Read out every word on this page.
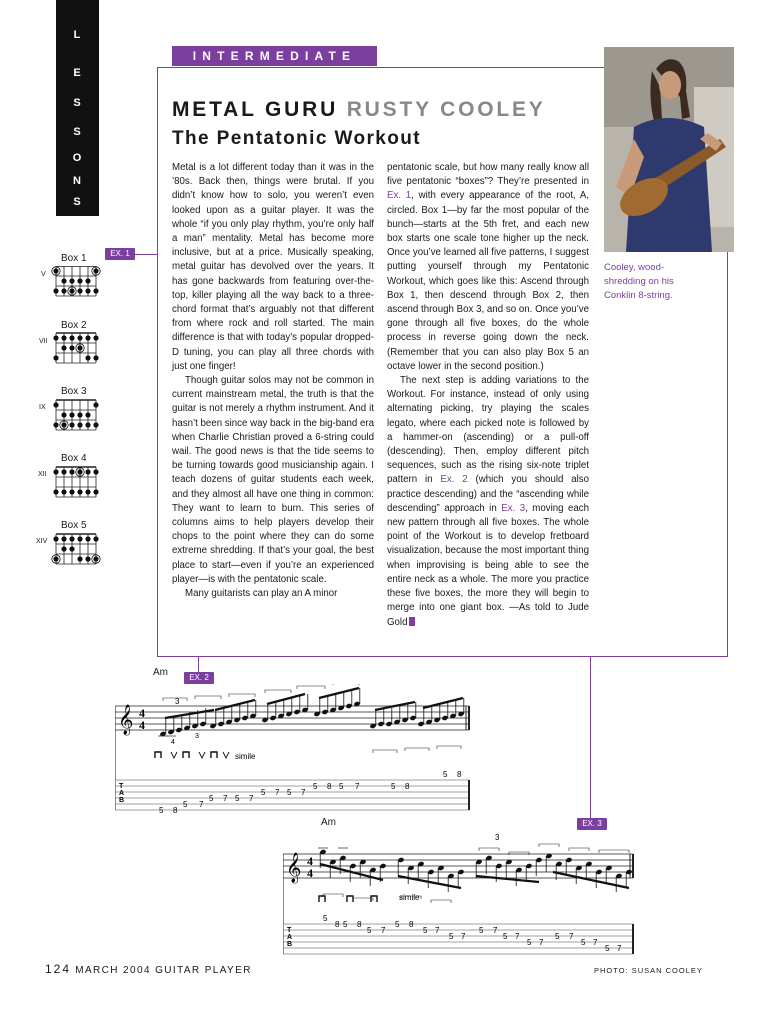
L
E
S
S
O
N
S
INTERMEDIATE
METAL GURU RUSTY COOLEY
The Pentatonic Workout

Metal is a lot different today than it was in the ’80s. Back then, things were brutal. If you didn’t know how to solo, you weren’t even looked upon as a guitar player. It was the whole “if you only play rhythm, you’re only half a man” mentality. Metal has become more inclusive, but at a price. Musically speaking, metal guitar has devolved over the years. It has gone backwards from featuring over-the-top, killer playing all the way back to a three-chord format that’s arguably not that different from where rock and roll started. The main difference is that with today’s popular dropped-D tuning, you can play all three chords with just one finger!

Though guitar solos may not be common in current mainstream metal, the truth is that the guitar is not merely a rhythm instrument. And it hasn’t been since way back in the big-band era when Charlie Christian proved a 6-string could wail. The good news is that the tide seems to be turning towards good musicianship again. I teach dozens of guitar students each week, and they almost all have one thing in common: They want to learn to burn. This series of columns aims to help players develop their chops to the point where they can do some extreme shredding. If that’s your goal, the best place to start—even if you’re an experienced player—is with the pentatonic scale.

Many guitarists can play an A minor

pentatonic scale, but how many really know all five pentatonic “boxes”? They’re presented in Ex. 1, with every appearance of the root, A, circled. Box 1—by far the most popular of the bunch—starts at the 5th fret, and each new box starts one scale tone higher up the neck. Once you’ve learned all five patterns, I suggest putting yourself through my Pentatonic Workout, which goes like this: Ascend through Box 1, then descend through Box 2, then ascend through Box 3, and so on. Once you’ve gone through all five boxes, do the whole process in reverse going down the neck. (Remember that you can also play Box 5 an octave lower in the second position.)

The next step is adding variations to the Workout. For instance, instead of only using alternating picking, try playing the scales legato, where each picked note is followed by a hammer-on (ascending) or a pull-off (descending). Then, employ different pitch sequences, such as the rising six-note triplet pattern in Ex. 2 (which you should also practice descending) and the “ascending while descending” approach in Ex. 3, moving each new pattern through all five boxes. The whole point of the Workout is to develop fretboard visualization, because the most important thing when improvising is being able to see the entire neck as a whole. The more you practice these five boxes, the more they will begin to merge into one giant box. —As told to Jude Gold

Cooley, wood-shredding on his Conklin 8-string.
EX. 1
Box 1
V
Box 2
VII
Box 3
IX
Box 4
XII
Box 5
XIV
Am	EX. 2
3
4
3
simile
𝄞 4
4
T
A
B
5 8
5 7
5 7 5 7
5 7 5 7
5 8 5 7	5 8
5 8
Am	EX. 3
3
simile
𝄞 4
4
T
A
B
5
8 5 8
5 7
5 8
5 7
5 7
5 7
5 7
5 7
5 7
5 7
5 7
124 MARCH 2004 GUITAR PLAYER	PHOTO: SUSAN COOLEY
